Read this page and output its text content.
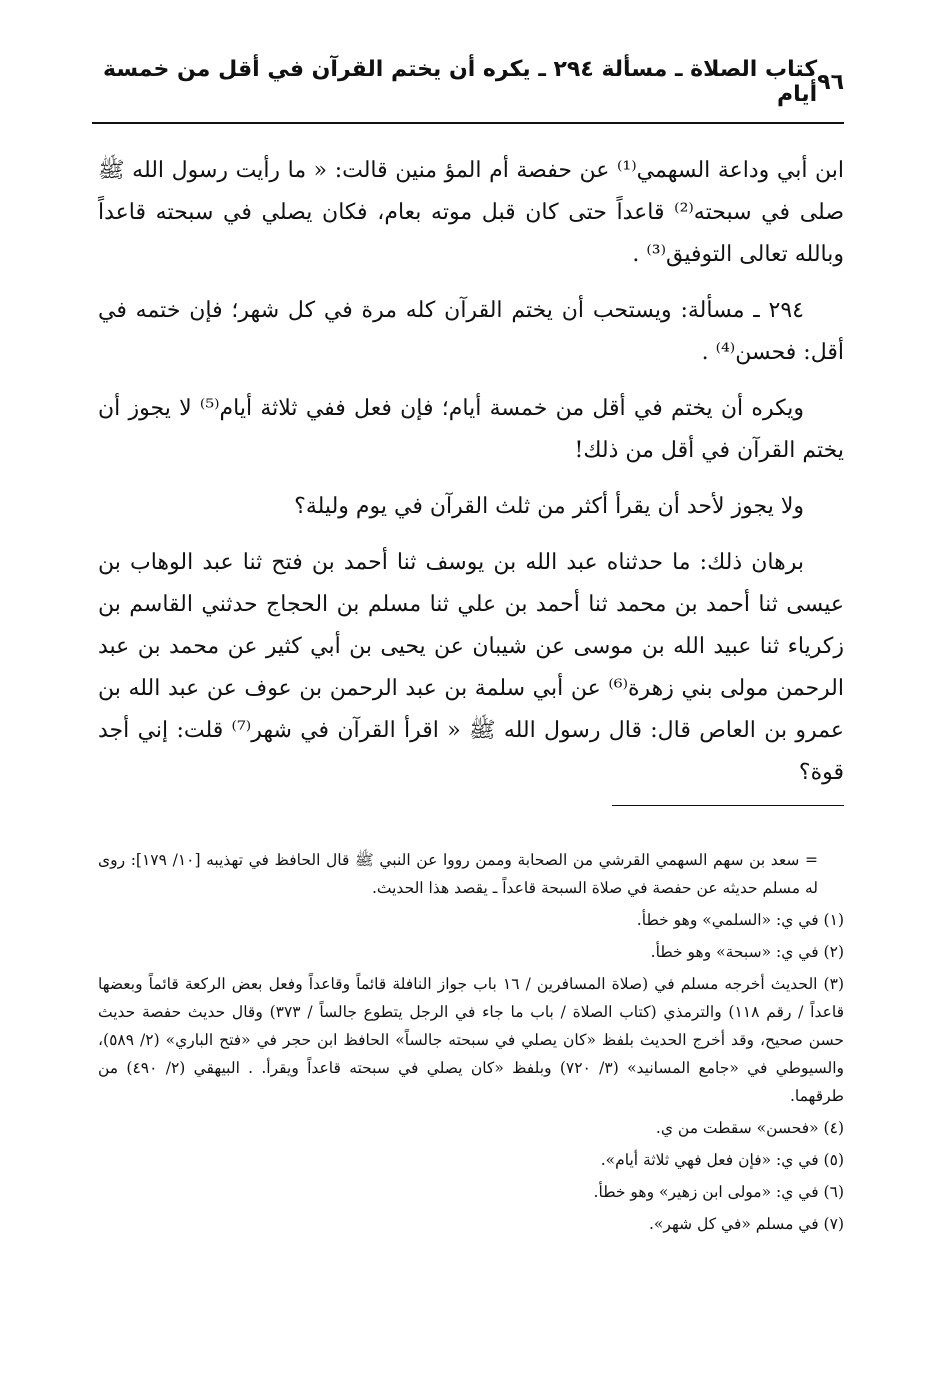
٩٦
كتاب الصلاة ـ مسألة ٢٩٤ ـ يكره أن يختم القرآن في أقل من خمسة أيام

ابن أبي وداعة السهمي⁽¹⁾ عن حفصة أم المؤ منين قالت: « ما رأيت رسول الله ﷺ صلى في سبحته⁽²⁾ قاعداً حتى كان قبل موته بعام، فكان يصلي في سبحته قاعداً وبالله تعالى التوفيق⁽³⁾ .

٢٩٤ ـ مسألة: ويستحب أن يختم القرآن كله مرة في كل شهر؛ فإن ختمه في أقل: فحسن⁽⁴⁾ .

ويكره أن يختم في أقل من خمسة أيام؛ فإن فعل ففي ثلاثة أيام⁽⁵⁾ لا يجوز أن يختم القرآن في أقل من ذلك!

ولا يجوز لأحد أن يقرأ أكثر من ثلث القرآن في يوم وليلة؟

برهان ذلك: ما حدثناه عبد الله بن يوسف ثنا أحمد بن فتح ثنا عبد الوهاب بن عيسى ثنا أحمد بن محمد ثنا أحمد بن علي ثنا مسلم بن الحجاج حدثني القاسم بن زكرياء ثنا عبيد الله بن موسى عن شيبان عن يحيى بن أبي كثير عن محمد بن عبد الرحمن مولى بني زهرة⁽⁶⁾ عن أبي سلمة بن عبد الرحمن بن عوف عن عبد الله بن عمرو بن العاص قال: قال رسول الله ﷺ « اقرأ القرآن في شهر⁽⁷⁾ قلت: إني أجد قوة؟

= سعد بن سهم السهمي القرشي من الصحابة وممن رووا عن النبي ﷺ قال الحافظ في تهذيبه [١٠/ ١٧٩]: روى له مسلم حديثه عن حفصة في صلاة السبحة قاعداً ـ يقصد هذا الحديث.

(١) في ي: «السلمي» وهو خطأ.

(٢) في ي: «سبحة» وهو خطأ.

(٣) الحديث أخرجه مسلم في (صلاة المسافرين / ١٦ باب جواز النافلة قائماً وقاعداً وفعل بعض الركعة قائماً وبعضها قاعداً / رقم ١١٨) والترمذي (كتاب الصلاة / باب ما جاء في الرجل يتطوع جالساً / ٣٧٣) وقال حديث حفصة حديث حسن صحيح، وقد أخرج الحديث بلفظ «كان يصلي في سبحته جالساً» الحافظ ابن حجر في «فتح الباري» (٢/ ٥٨٩)، والسيوطي في «جامع المسانيد» (٣/ ٧٢٠) وبلفظ «كان يصلي في سبحته قاعداً ويقرأ. . البيهقي (٢/ ٤٩٠) من طرقهما.

(٤) «فحسن» سقطت من ي.

(٥) في ي: «فإن فعل فهي ثلاثة أيام».

(٦) في ي: «مولى ابن زهير» وهو خطأ.

(٧) في مسلم «في كل شهر».
